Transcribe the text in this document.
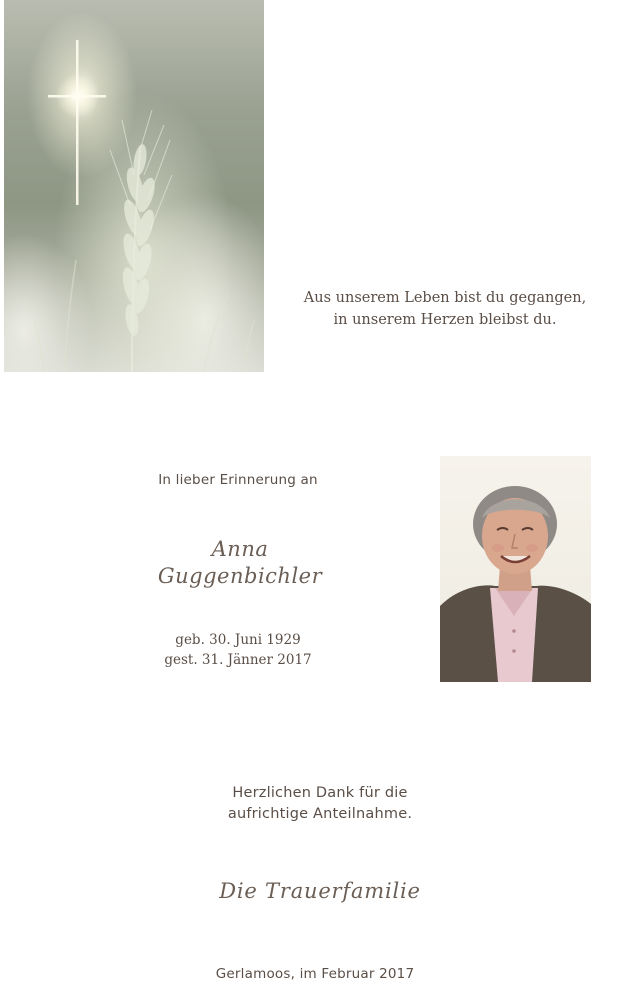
Aus unserem Leben bist du gegangen,
in unserem Herzen bleibst du.
In lieber Erinnerung an
Anna
Guggenbichler
geb. 30. Juni 1929
gest. 31. Jänner 2017
Herzlichen Dank für die
aufrichtige Anteilnahme.
Die Trauerfamilie
Gerlamoos, im Februar 2017
